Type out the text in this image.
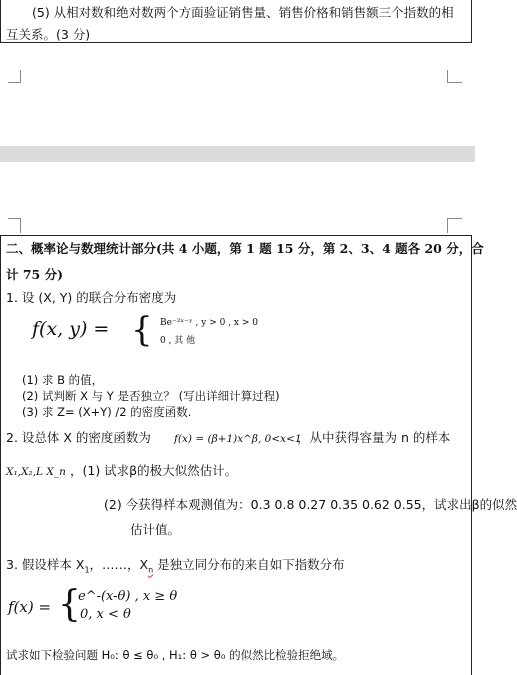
(5) 从相对数和绝对数两个方面验证销售量、销售价格和销售额三个指数的相
互关系。(3 分)
二、概率论与数理统计部分(共 4 小题，第 1 题 15 分，第 2、3、4 题各 20 分，合
计 75 分)
1. 设 (X, Y) 的联合分布密度为
f(x, y) = { Be⁻²ˣ⁻ʸ , y > 0 , x > 0
0 , 其 他
(1) 求 B 的值，
(2) 试判断 X 与 Y 是否独立？ (写出详细计算过程)
(3) 求 Z= (X+Y) /2 的密度函数.
2. 设总体 X 的密度函数为 f(x) = (β+1)x^β, 0<x<1
，从中获得容量为 n 的样本
X₁,X₂,L X_n ，(1) 试求β的极大似然估计。
(2) 今获得样本观测值为：0.3 0.8 0.27 0.35 0.62 0.55，试求出β的似然
估计值。
3. 假设样本 $X_1$，……，$X_n$ 是独立同分布的来自如下指数分布
f(x) = {
e^-(x-θ) , x ≥ θ
0, x < θ
试求如下检验问题 H₀: θ ≤ θ₀ , H₁: θ > θ₀ 的似然比检验拒绝域。
